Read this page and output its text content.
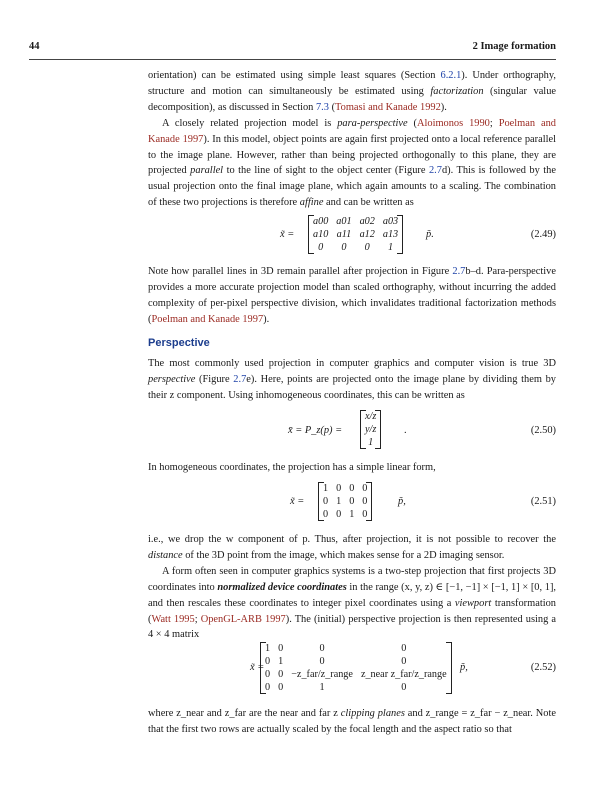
44	2 Image formation

orientation) can be estimated using simple least squares (Section 6.2.1). Under orthography, structure and motion can simultaneously be estimated using factorization (singular value decomposition), as discussed in Section 7.3 (Tomasi and Kanade 1992).

A closely related projection model is para-perspective (Aloimonos 1990; Poelman and Kanade 1997). In this model, object points are again first projected onto a local reference parallel to the image plane. However, rather than being projected orthogonally to this plane, they are projected parallel to the line of sight to the object center (Figure 2.7d). This is followed by the usual projection onto the final image plane, which again amounts to a scaling. The combination of these two projections is therefore affine and can be written as

x̃ =
a00	a01	a02	a03
a10	a11	a12	a13
0	0	0	1
p̃.	(2.49)

Note how parallel lines in 3D remain parallel after projection in Figure 2.7b–d. Para-perspective provides a more accurate projection model than scaled orthography, without incurring the added complexity of per-pixel perspective division, which invalidates traditional factorization methods (Poelman and Kanade 1997).

Perspective

The most commonly used projection in computer graphics and computer vision is true 3D perspective (Figure 2.7e). Here, points are projected onto the image plane by dividing them by their z component. Using inhomogeneous coordinates, this can be written as

x̄ = P_z(p) =
x/z
y/z
1
.	(2.50)

In homogeneous coordinates, the projection has a simple linear form,

x̃ =
1	0	0	0
0	1	0	0
0	0	1	0
p̃,	(2.51)

i.e., we drop the w component of p. Thus, after projection, it is not possible to recover the distance of the 3D point from the image, which makes sense for a 2D imaging sensor.

A form often seen in computer graphics systems is a two-step projection that first projects 3D coordinates into normalized device coordinates in the range (x, y, z) ∈ [−1, −1] × [−1, 1] × [0, 1], and then rescales these coordinates to integer pixel coordinates using a viewport transformation (Watt 1995; OpenGL-ARB 1997). The (initial) perspective projection is then represented using a 4 × 4 matrix

x̃ =
1	0	0	0
0	1	0	0
0	0	−z_far/z_range	z_near z_far/z_range
0	0	1	0
p̃,	(2.52)

where z_near and z_far are the near and far z clipping planes and z_range = z_far − z_near. Note that the first two rows are actually scaled by the focal length and the aspect ratio so that
